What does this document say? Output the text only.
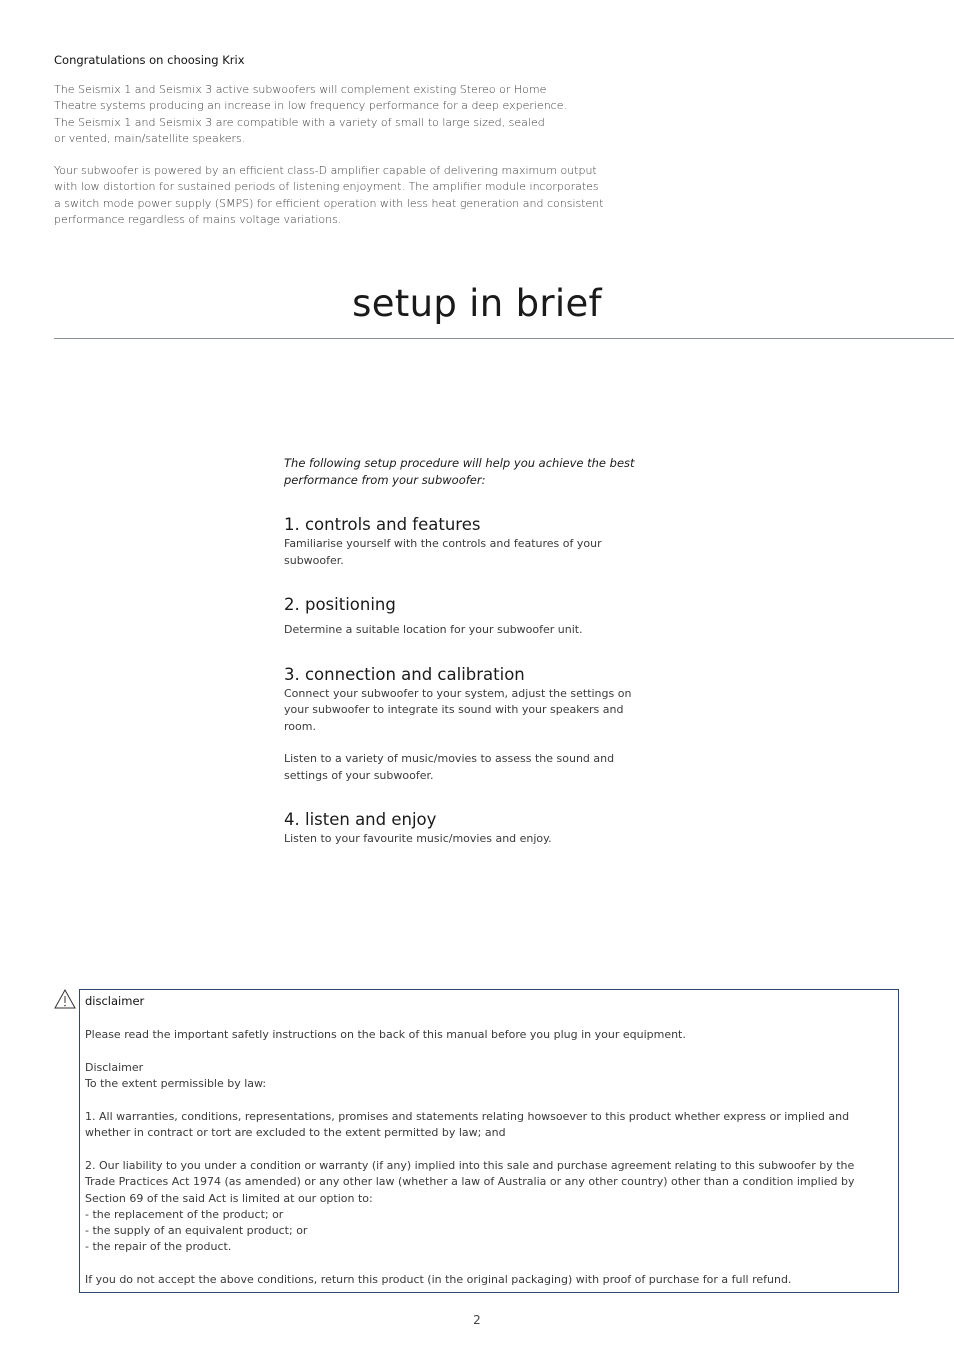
Congratulations on choosing Krix

The Seismix 1 and Seismix 3 active subwoofers will complement existing Stereo or Home
Theatre systems producing an increase in low frequency performance for a deep experience.
The Seismix 1 and Seismix 3 are compatible with a variety of small to large sized, sealed
or vented, main/satellite speakers.

Your subwoofer is powered by an efficient class-D amplifier capable of delivering maximum output
with low distortion for sustained periods of listening enjoyment. The amplifier module incorporates
a switch mode power supply (SMPS) for efficient operation with less heat generation and consistent
performance regardless of mains voltage variations.

setup in brief

The following setup procedure will help you achieve the best
performance from your subwoofer:

1. controls and features

Familiarise yourself with the controls and features of your
subwoofer.

2. positioning

Determine a suitable location for your subwoofer unit.

3. connection and calibration

Connect your subwoofer to your system, adjust the settings on
your subwoofer to integrate its sound with your speakers and
room.

Listen to a variety of music/movies to assess the sound and
settings of your subwoofer.

4. listen and enjoy

Listen to your favourite music/movies and enjoy.

disclaimer

Please read the important safetly instructions on the back of this manual before you plug in your equipment.

Disclaimer
To the extent permissible by law:

1. All warranties, conditions, representations, promises and statements relating howsoever to this product whether express or implied and
whether in contract or tort are excluded to the extent permitted by law; and

2. Our liability to you under a condition or warranty (if any) implied into this sale and purchase agreement relating to this subwoofer by the
Trade Practices Act 1974 (as amended) or any other law (whether a law of Australia or any other country) other than a condition implied by
Section 69 of the said Act is limited at our option to:
- the replacement of the product; or
- the supply of an equivalent product; or
- the repair of the product.

If you do not accept the above conditions, return this product (in the original packaging) with proof of purchase for a full refund.

2
